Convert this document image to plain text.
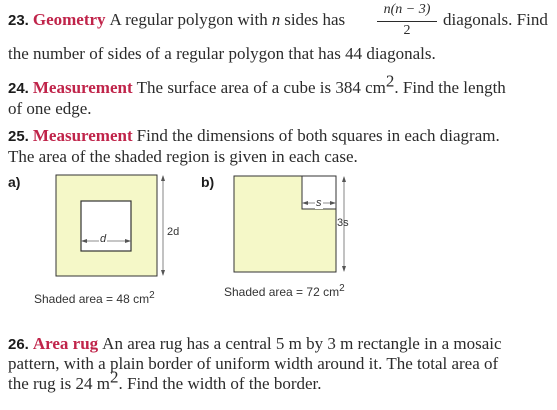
23. Geometry A regular polygon with n sides has
n(n − 3)
2
diagonals. Find
the number of sides of a regular polygon that has 44 diagonals.
24. Measurement The surface area of a cube is 384 $cm^2$. Find the length
of one edge.
25. Measurement Find the dimensions of both squares in each diagram.
The area of the shaded region is given in each case.
a)	b)
2d
d
Shaded area = 48 $cm^2$
s
3s
Shaded area = 72 $cm^2$
26. Area rug An area rug has a central 5 m by 3 m rectangle in a mosaic
pattern, with a plain border of uniform width around it. The total area of
the rug is 24 $m^2$. Find the width of the border.
